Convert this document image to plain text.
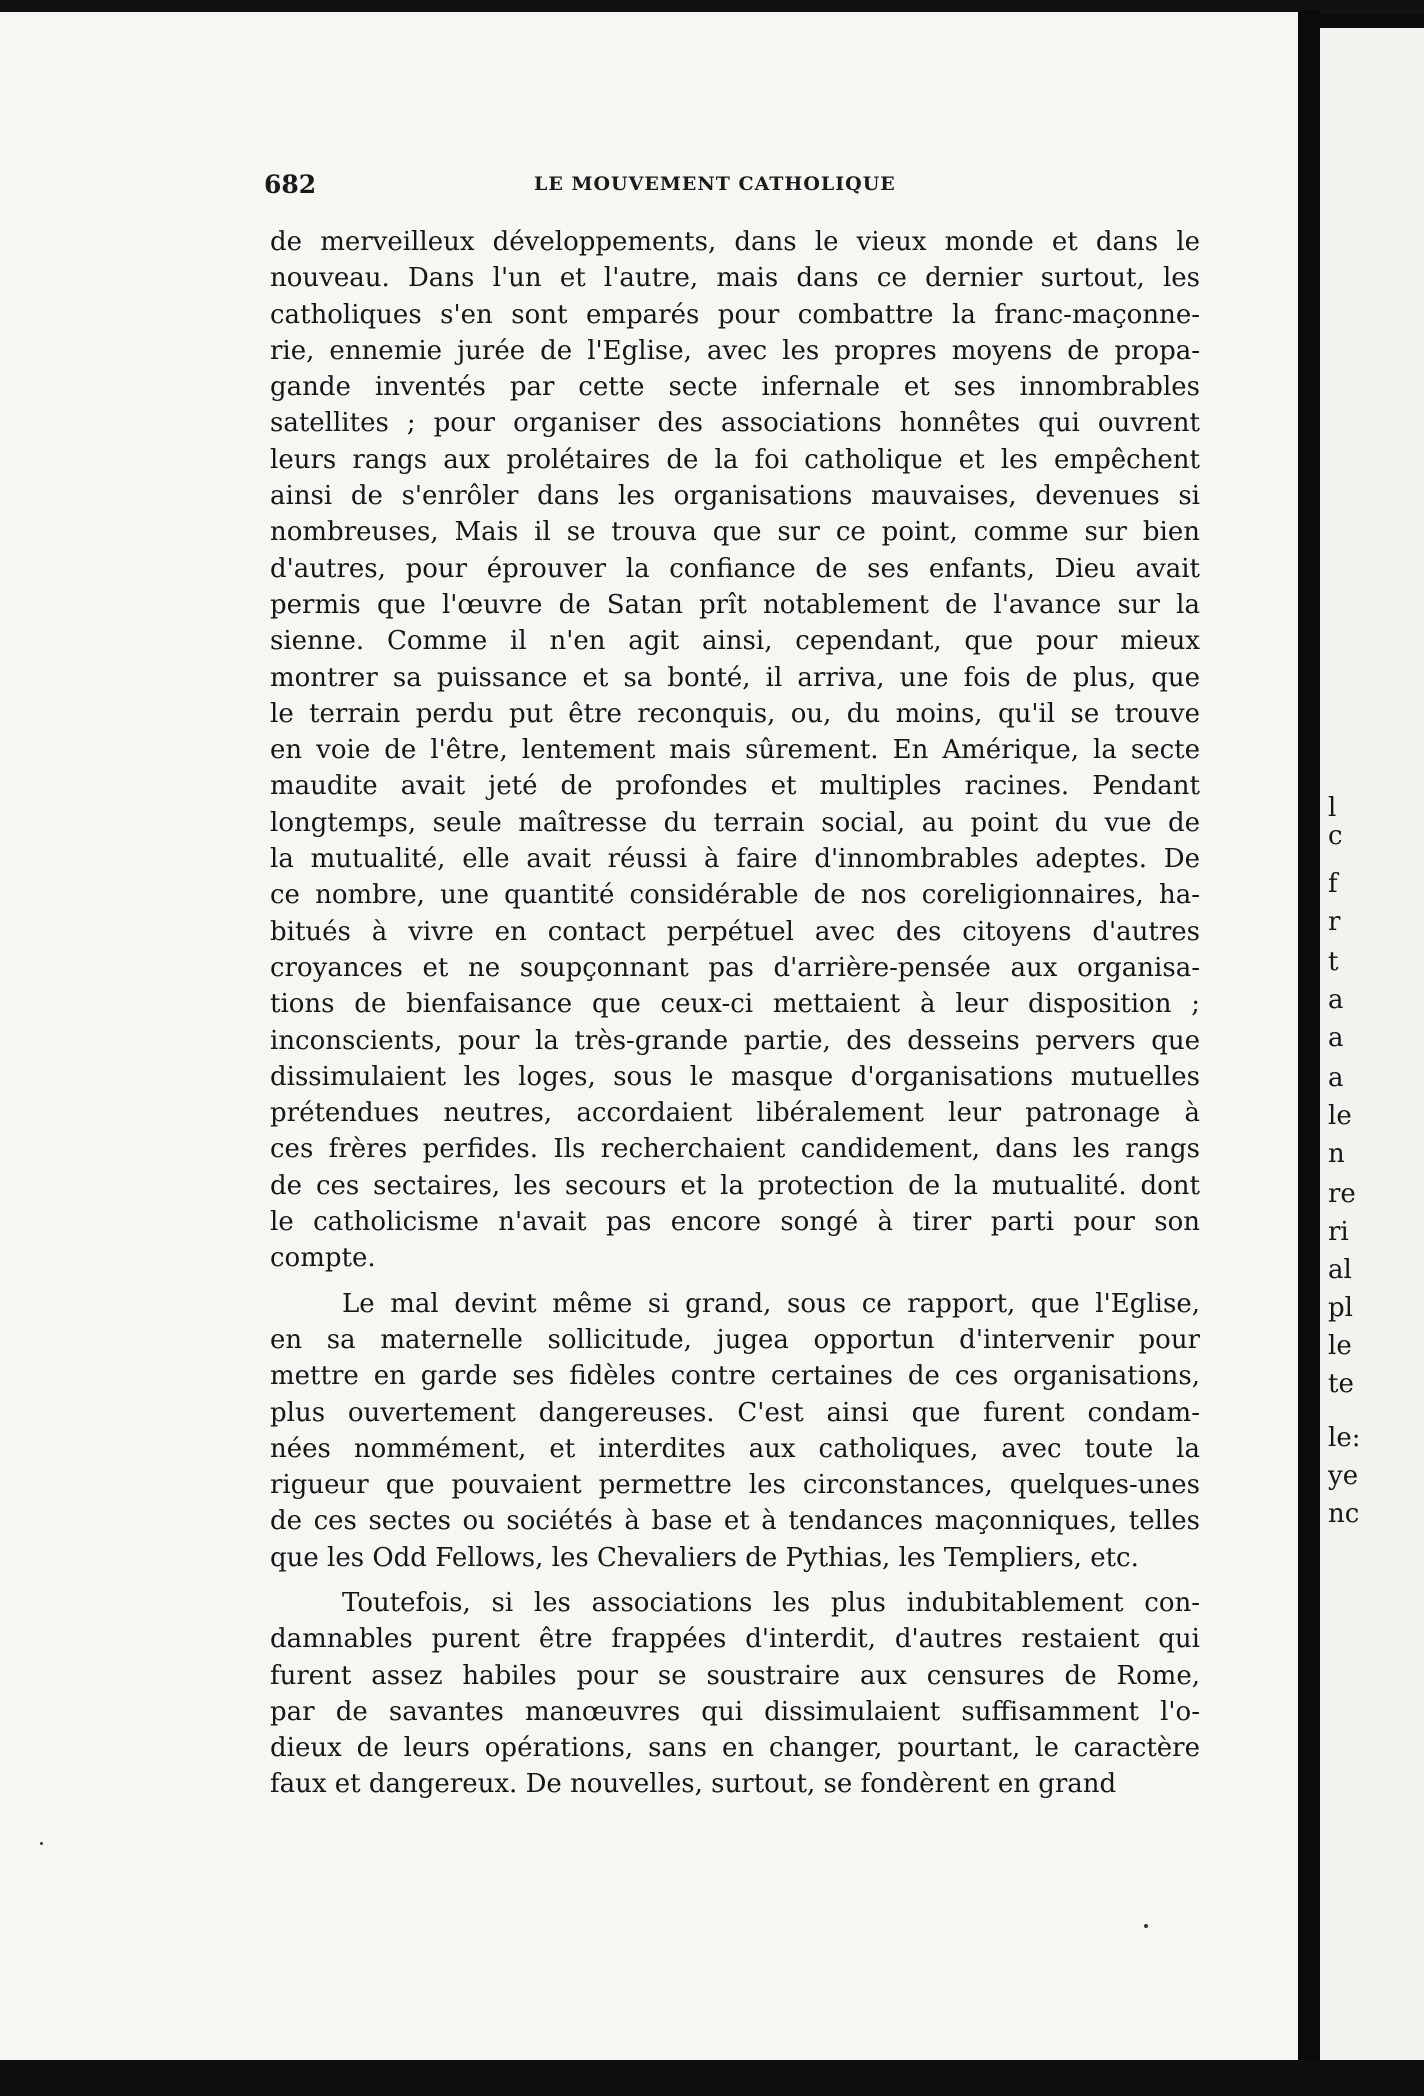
682	LE MOUVEMENT CATHOLIQUE
de merveilleux développements, dans le vieux monde et dans le
nouveau. Dans l'un et l'autre, mais dans ce dernier surtout, les
catholiques s'en sont emparés pour combattre la franc-maçonne-
rie, ennemie jurée de l'Eglise, avec les propres moyens de propa-
gande inventés par cette secte infernale et ses innombrables
satellites ; pour organiser des associations honnêtes qui ouvrent
leurs rangs aux prolétaires de la foi catholique et les empêchent
ainsi de s'enrôler dans les organisations mauvaises, devenues si
nombreuses, Mais il se trouva que sur ce point, comme sur bien
d'autres, pour éprouver la confiance de ses enfants, Dieu avait
permis que l'œuvre de Satan prît notablement de l'avance sur la
sienne. Comme il n'en agit ainsi, cependant, que pour mieux
montrer sa puissance et sa bonté, il arriva, une fois de plus, que
le terrain perdu put être reconquis, ou, du moins, qu'il se trouve
en voie de l'être, lentement mais sûrement. En Amérique, la secte
maudite avait jeté de profondes et multiples racines. Pendant
longtemps, seule maîtresse du terrain social, au point du vue de
la mutualité, elle avait réussi à faire d'innombrables adeptes. De
ce nombre, une quantité considérable de nos coreligionnaires, ha-
bitués à vivre en contact perpétuel avec des citoyens d'autres
croyances et ne soupçonnant pas d'arrière-pensée aux organisa-
tions de bienfaisance que ceux-ci mettaient à leur disposition ;
inconscients, pour la très-grande partie, des desseins pervers que
dissimulaient les loges, sous le masque d'organisations mutuelles
prétendues neutres, accordaient libéralement leur patronage à
ces frères perfides. Ils recherchaient candidement, dans les rangs
de ces sectaires, les secours et la protection de la mutualité. dont
le catholicisme n'avait pas encore songé à tirer parti pour son
compte.
Le mal devint même si grand, sous ce rapport, que l'Eglise,
en sa maternelle sollicitude, jugea opportun d'intervenir pour
mettre en garde ses fidèles contre certaines de ces organisations,
plus ouvertement dangereuses. C'est ainsi que furent condam-
nées nommément, et interdites aux catholiques, avec toute la
rigueur que pouvaient permettre les circonstances, quelques-unes
de ces sectes ou sociétés à base et à tendances maçonniques, telles
que les Odd Fellows, les Chevaliers de Pythias, les Templiers, etc.
Toutefois, si les associations les plus indubitablement con-
damnables purent être frappées d'interdit, d'autres restaient qui
furent assez habiles pour se soustraire aux censures de Rome,
par de savantes manœuvres qui dissimulaient suffisamment l'o-
dieux de leurs opérations, sans en changer, pourtant, le caractère
faux et dangereux. De nouvelles, surtout, se fondèrent en grand
l
c
f
r
t
a
a
a
le
n
re
ri
al
pl
le
te
le:
ye
nc
